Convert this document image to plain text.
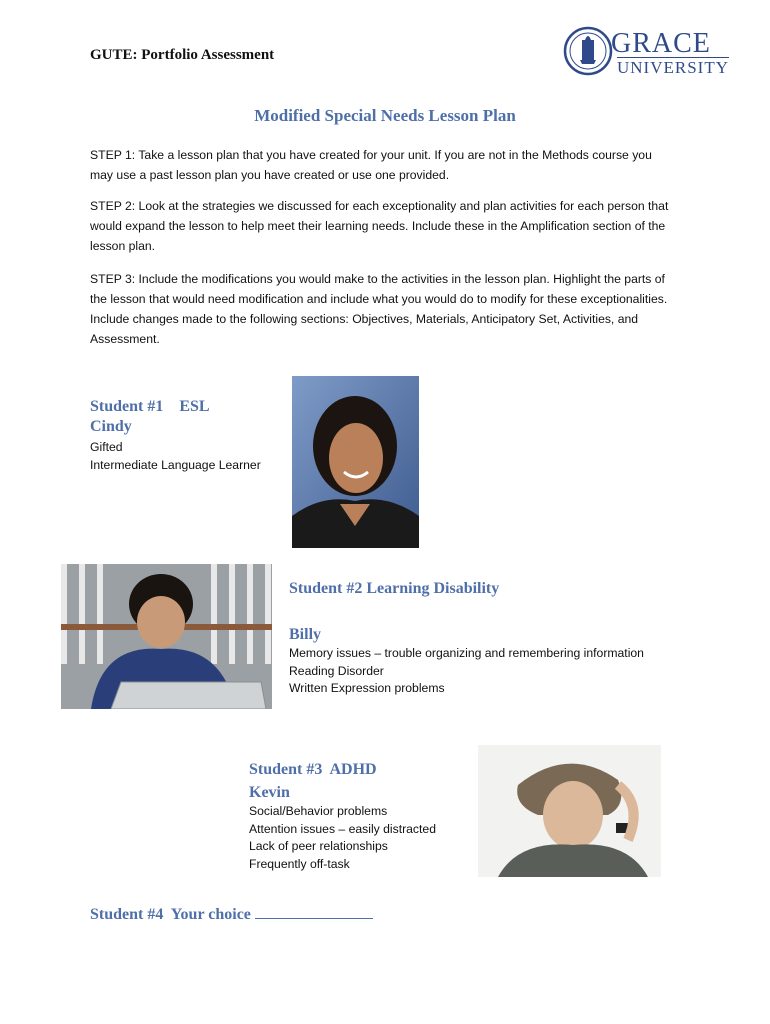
GUTE: Portfolio Assessment	GRACE
UNIVERSITY
Modified Special Needs Lesson Plan
STEP 1: Take a lesson plan that you have created for your unit. If you are not in the Methods course you may use a past lesson plan you have created or use one provided.
STEP 2: Look at the strategies we discussed for each exceptionality and plan activities for each person that would expand the lesson to help meet their learning needs. Include these in the Amplification section of the lesson plan.
STEP 3: Include the modifications you would make to the activities in the lesson plan. Highlight the parts of the lesson that would need modification and include what you would do to modify for these exceptionalities. Include changes made to the following sections: Objectives, Materials, Anticipatory Set, Activities, and Assessment.
Student #1    ESL
Cindy
Gifted
Intermediate Language Learner
Student #2 Learning Disability
Billy
Memory issues – trouble organizing and remembering information
Reading Disorder
Written Expression problems
Student #3  ADHD
Kevin
Social/Behavior problems
Attention issues – easily distracted
Lack of peer relationships
Frequently off-task
Student #4  Your choice
